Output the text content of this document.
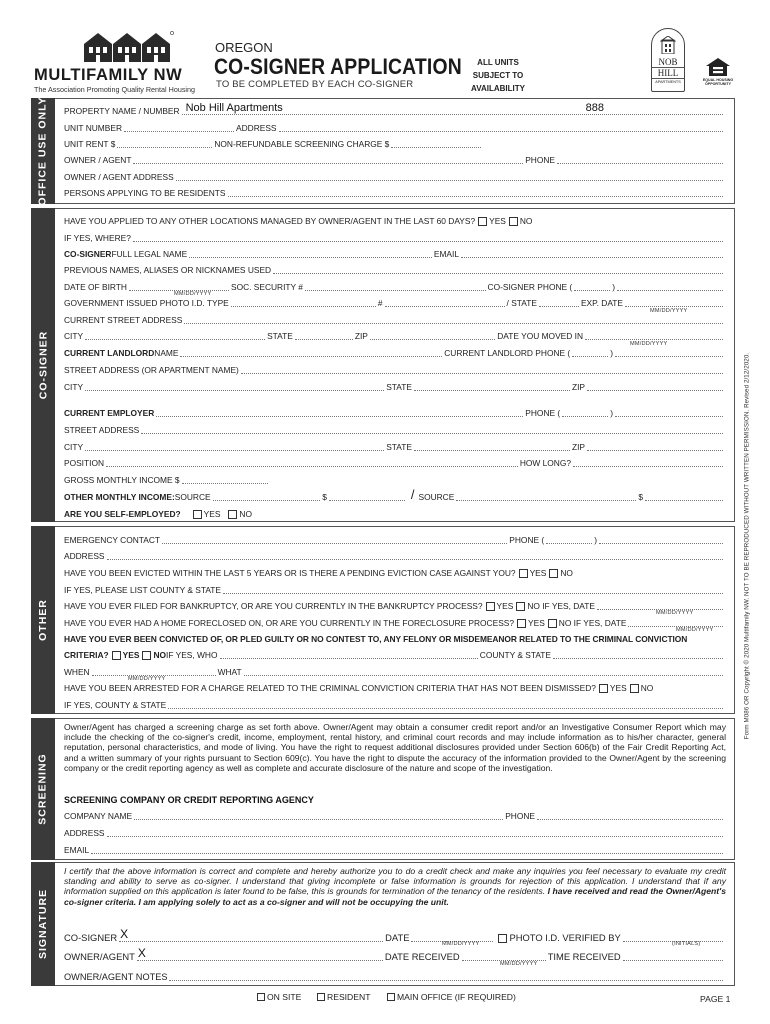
MULTIFAMILY NW
The Association Promoting Quality Rental Housing
OREGON
CO-SIGNER APPLICATION
TO BE COMPLETED BY EACH CO-SIGNER
ALL UNITS
SUBJECT TO
AVAILABILITY
NOB
HILL
APARTMENTS	EQUAL HOUSING OPPORTUNITY
OFFICE USE ONLY
CO-SIGNER
OTHER
SCREENING
SIGNATURE
PROPERTY NAME / NUMBER Nob Hill Apartments	888
UNIT NUMBER	ADDRESS
UNIT RENT $	NON-REFUNDABLE SCREENING CHARGE $
OWNER / AGENT	PHONE
OWNER / AGENT ADDRESS
PERSONS APPLYING TO BE RESIDENTS
HAVE YOU APPLIED TO ANY OTHER LOCATIONS MANAGED BY OWNER/AGENT IN THE LAST 60 DAYS? YES NO
IF YES, WHERE?
CO-SIGNER FULL LEGAL NAME	EMAIL
PREVIOUS NAMES, ALIASES OR NICKNAMES USED
DATE OF BIRTH	SOC. SECURITY #	CO-SIGNER PHONE (	)
MM/DD/YYYY
GOVERNMENT ISSUED PHOTO I.D. TYPE	#	/ STATE	EXP. DATE
MM/DD/YYYY
CURRENT STREET ADDRESS
CITY	STATE	ZIP	DATE YOU MOVED IN
MM/DD/YYYY
CURRENT LANDLORD NAME	CURRENT LANDLORD PHONE (	)
STREET ADDRESS (OR APARTMENT NAME)
CITY	STATE	ZIP
CURRENT EMPLOYER	PHONE (	)
STREET ADDRESS
CITY	STATE	ZIP
POSITION	HOW LONG?
GROSS MONTHLY INCOME $
OTHER MONTHLY INCOME: SOURCE	$	/ SOURCE	$
ARE YOU SELF-EMPLOYED?	YES NO
EMERGENCY CONTACT	PHONE (	)
ADDRESS
HAVE YOU BEEN EVICTED WITHIN THE LAST 5 YEARS OR IS THERE A PENDING EVICTION CASE AGAINST YOU? YES NO
IF YES, PLEASE LIST COUNTY & STATE
HAVE YOU EVER FILED FOR BANKRUPTCY, OR ARE YOU CURRENTLY IN THE BANKRUPTCY PROCESS? YES NO IF YES, DATE
MM/DD/YYYY
HAVE YOU EVER HAD A HOME FORECLOSED ON, OR ARE YOU CURRENTLY IN THE FORECLOSURE PROCESS? YES NO IF YES, DATE
MM/DD/YYYY
HAVE YOU EVER BEEN CONVICTED OF, OR PLED GUILTY OR NO CONTEST TO, ANY FELONY OR MISDEMEANOR RELATED TO THE CRIMINAL CONVICTION
CRITERIA? YES NO IF YES, WHO	COUNTY & STATE
WHEN	WHAT
MM/DD/YYYY
HAVE YOU BEEN ARRESTED FOR A CHARGE RELATED TO THE CRIMINAL CONVICTION CRITERIA THAT HAS NOT BEEN DISMISSED? YES NO
IF YES, COUNTY & STATE
Owner/Agent has charged a screening charge as set forth above. Owner/Agent may obtain a consumer credit report and/or an Investigative Consumer Report which may include the checking of the co-signer's credit, income, employment, rental history, and criminal court records and may include information as to his/her character, general reputation, personal characteristics, and mode of living. You have the right to request additional disclosures provided under Section 606(b) of the Fair Credit Reporting Act, and a written summary of your rights pursuant to Section 609(c). You have the right to dispute the accuracy of the information provided to the Owner/Agent by the screening company or the credit reporting agency as well as complete and accurate disclosure of the nature and scope of the investigation.
SCREENING COMPANY OR CREDIT REPORTING AGENCY
COMPANY NAME	PHONE
ADDRESS
EMAIL
I certify that the above information is correct and complete and hereby authorize you to do a credit check and make any inquiries you feel necessary to evaluate my credit standing and ability to serve as co-signer. I understand that giving incomplete or false information is grounds for rejection of this application. I understand that if any information supplied on this application is later found to be false, this is grounds for termination of the tenancy of the residents. I have received and read the Owner/Agent's co-signer criteria. I am applying solely to act as a co-signer and will not be occupying the unit.
CO-SIGNER X	DATE	PHOTO I.D. VERIFIED BY
MM/DD/YYYY	(INITIALS)
OWNER/AGENT X	DATE RECEIVED	TIME RECEIVED
MM/DD/YYYY
OWNER/AGENT NOTES
ON SITE	RESIDENT	MAIN OFFICE (IF REQUIRED)	PAGE 1
Form M086 OR Copyright © 2020 Multifamily NW. NOT TO BE REPRODUCED WITHOUT WRITTEN PERMISSION. Revised 2/12/2020.
